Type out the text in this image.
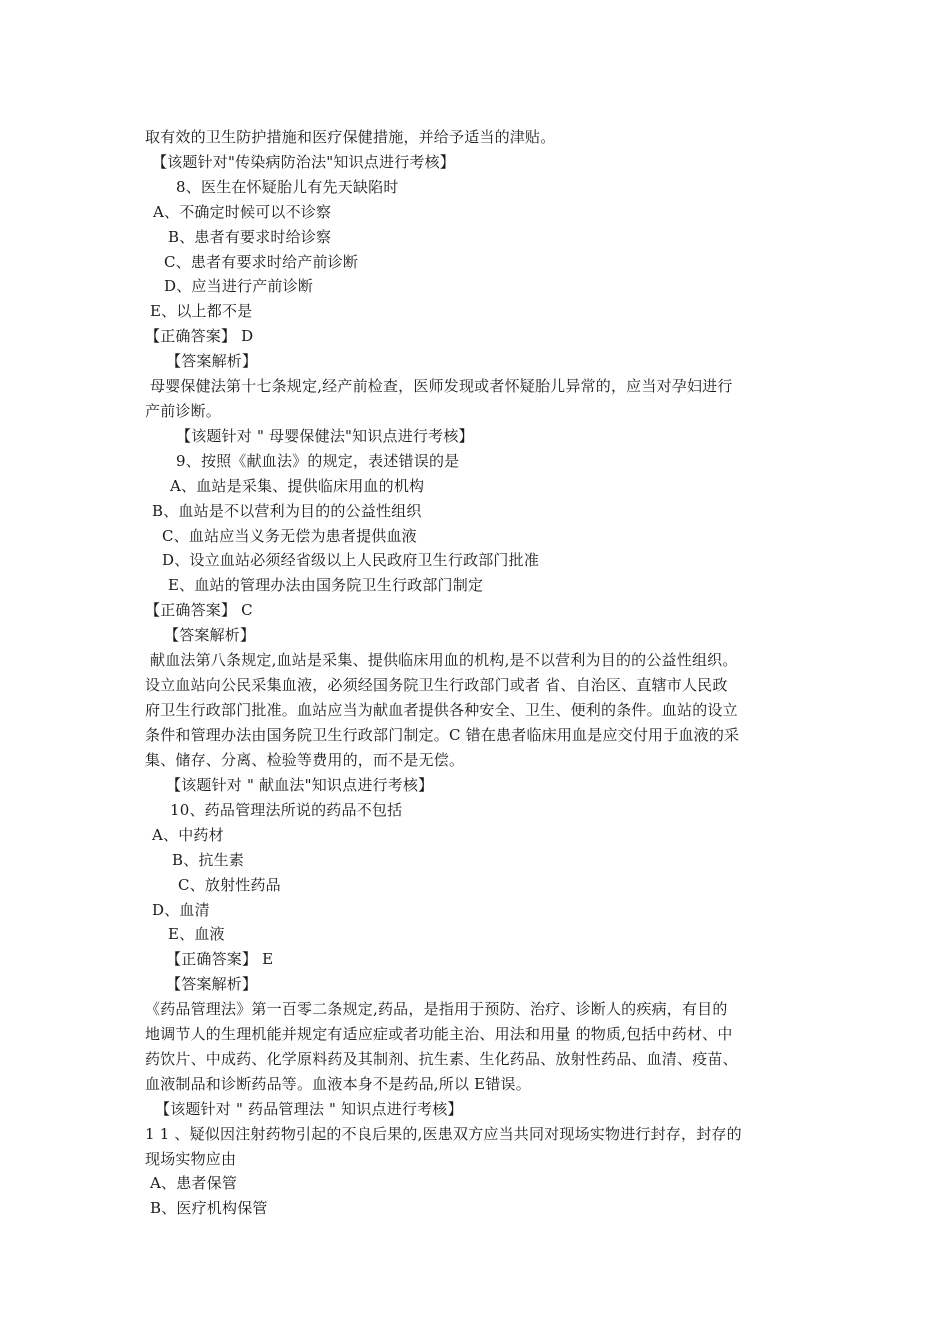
取有效的卫生防护措施和医疗保健措施，并给予适当的津贴。
【该题针对"传染病防治法"知识点进行考核】
8、医生在怀疑胎儿有先天缺陷时
A、不确定时候可以不诊察
B、患者有要求时给诊察
C、患者有要求时给产前诊断
D、应当进行产前诊断
E、以上都不是
【正确答案】 D
【答案解析】
母婴保健法第十七条规定,经产前检查，医师发现或者怀疑胎儿异常的，应当对孕妇进行
产前诊断。
【该题针对 " 母婴保健法"知识点进行考核】
9、按照《献血法》的规定，表述错误的是
A、血站是采集、提供临床用血的机构
B、血站是不以营利为目的的公益性组织
C、血站应当义务无偿为患者提供血液
D、设立血站必须经省级以上人民政府卫生行政部门批准
E、血站的管理办法由国务院卫生行政部门制定
【正确答案】 C
【答案解析】
献血法第八条规定,血站是采集、提供临床用血的机构,是不以营利为目的的公益性组织。
设立血站向公民采集血液，必须经国务院卫生行政部门或者 省、自治区、直辖市人民政
府卫生行政部门批准。血站应当为献血者提供各种安全、卫生、便利的条件。血站的设立
条件和管理办法由国务院卫生行政部门制定。C 错在患者临床用血是应交付用于血液的采
集、储存、分离、检验等费用的，而不是无偿。
【该题针对 " 献血法"知识点进行考核】
10、药品管理法所说的药品不包括
A、中药材
B、抗生素
C、放射性药品
D、血清
E、血液
【正确答案】 E
【答案解析】
《药品管理法》第一百零二条规定,药品，是指用于预防、治疗、诊断人的疾病，有目的
地调节人的生理机能并规定有适应症或者功能主治、用法和用量 的物质,包括中药材、中
药饮片、中成药、化学原料药及其制剂、抗生素、生化药品、放射性药品、血清、疫苗、
血液制品和诊断药品等。血液本身不是药品,所以 E错误。
【该题针对 " 药品管理法 " 知识点进行考核】
1 1 、疑似因注射药物引起的不良后果的,医患双方应当共同对现场实物进行封存，封存的
现场实物应由
A、患者保管
B、医疗机构保管
